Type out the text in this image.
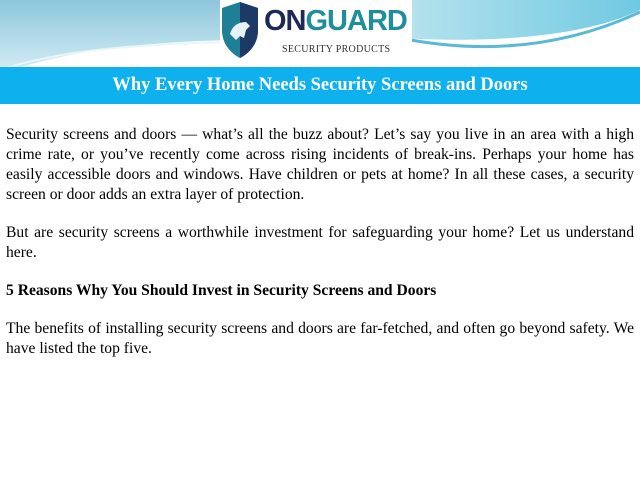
ONGUARD
SECURITY PRODUCTS
Why Every Home Needs Security Screens and Doors

Security screens and doors — what’s all the buzz about? Let’s say you live in an area with a high crime rate, or you’ve recently come across rising incidents of break-ins. Perhaps your home has easily accessible doors and windows. Have children or pets at home? In all these cases, a security screen or door adds an extra layer of protection.

But are security screens a worthwhile investment for safeguarding your home? Let us understand here.

5 Reasons Why You Should Invest in Security Screens and Doors

The benefits of installing security screens and doors are far-fetched, and often go beyond safety. We have listed the top five.
